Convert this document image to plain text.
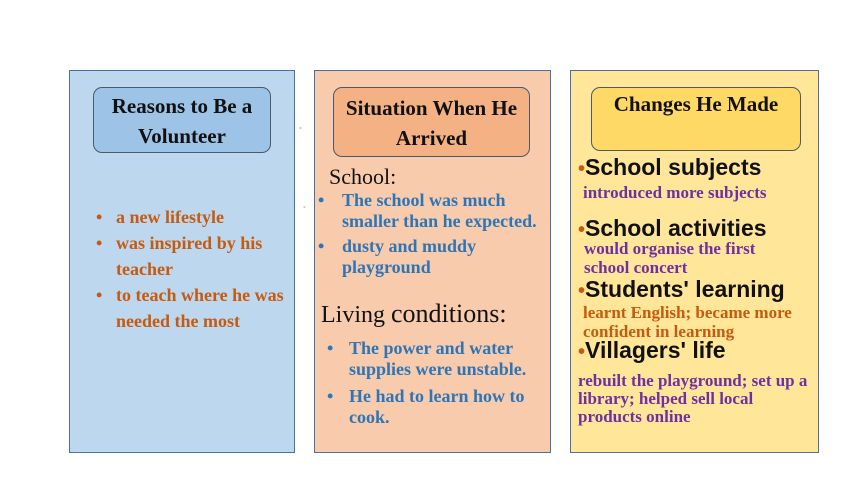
•
•
Reasons to Be a Volunteer
• a new lifestyle
• was inspired by his teacher
• to teach where he was needed the most
Situation When He Arrived
School:
• The school was much smaller than he expected.
• dusty and muddy playground
Living conditions:
• The power and water supplies were unstable.
• He had to learn how to cook.
Changes He Made
•School subjects
introduced more subjects
•School activities
would organise the first school concert
•Students' learning
learnt English; became more confident in learning
•Villagers' life
rebuilt the playground; set up a library; helped sell local products online
